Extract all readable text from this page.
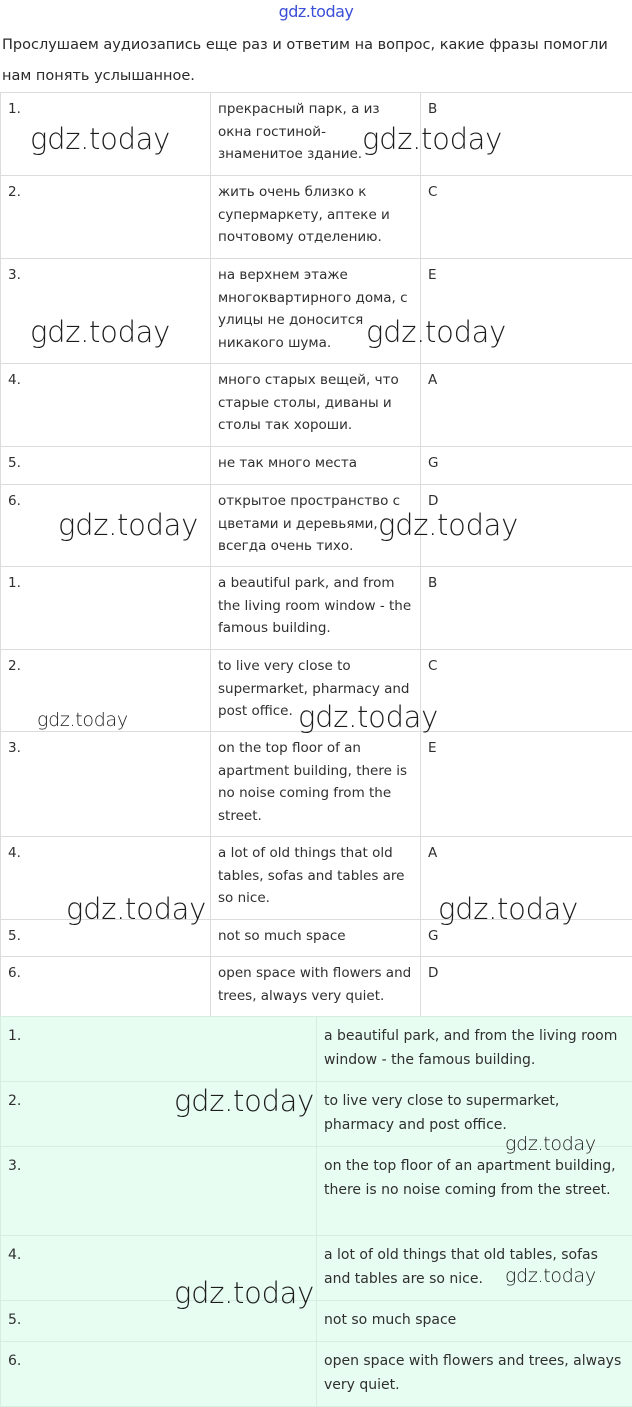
gdz.today
Прослушаем аудиозапись еще раз и ответим на вопрос, какие фразы помогли нам понять услышанное.
1.	прекрасный парк, а из окна гостиной- знаменитое здание.	B
2.	жить очень близко к супермаркету, аптеке и почтовому отделению.	C
3.	на верхнем этаже многоквартирного дома, с улицы не доносится никакого шума.	E
4.	много старых вещей, что старые столы, диваны и столы так хороши.	A
5.	не так много места	G
6.	открытое пространство с цветами и деревьями, всегда очень тихо.	D
1.	a beautiful park, and from the living room window - the famous building.	B
2.	to live very close to supermarket, pharmacy and post office.	C
3.	on the top floor of an apartment building, there is no noise coming from the street.	E
4.	a lot of old things that old tables, sofas and tables are so nice.	A
5.	not so much space	G
6.	open space with flowers and trees, always very quiet.	D
1.	a beautiful park, and from the living room window - the famous building.
2.	to live very close to supermarket, pharmacy and post office.
3.	on the top floor of an apartment building, there is no noise coming from the street.
4.	a lot of old things that old tables, sofas and tables are so nice.
5.	not so much space
6.	open space with flowers and trees, always very quiet.
gdz.today	gdz.today
gdz.today	gdz.today
gdz.today	gdz.today
gdz.today	gdz.today
gdz.today	gdz.today
gdz.today
gdz.today
gdz.today
gdz.today
